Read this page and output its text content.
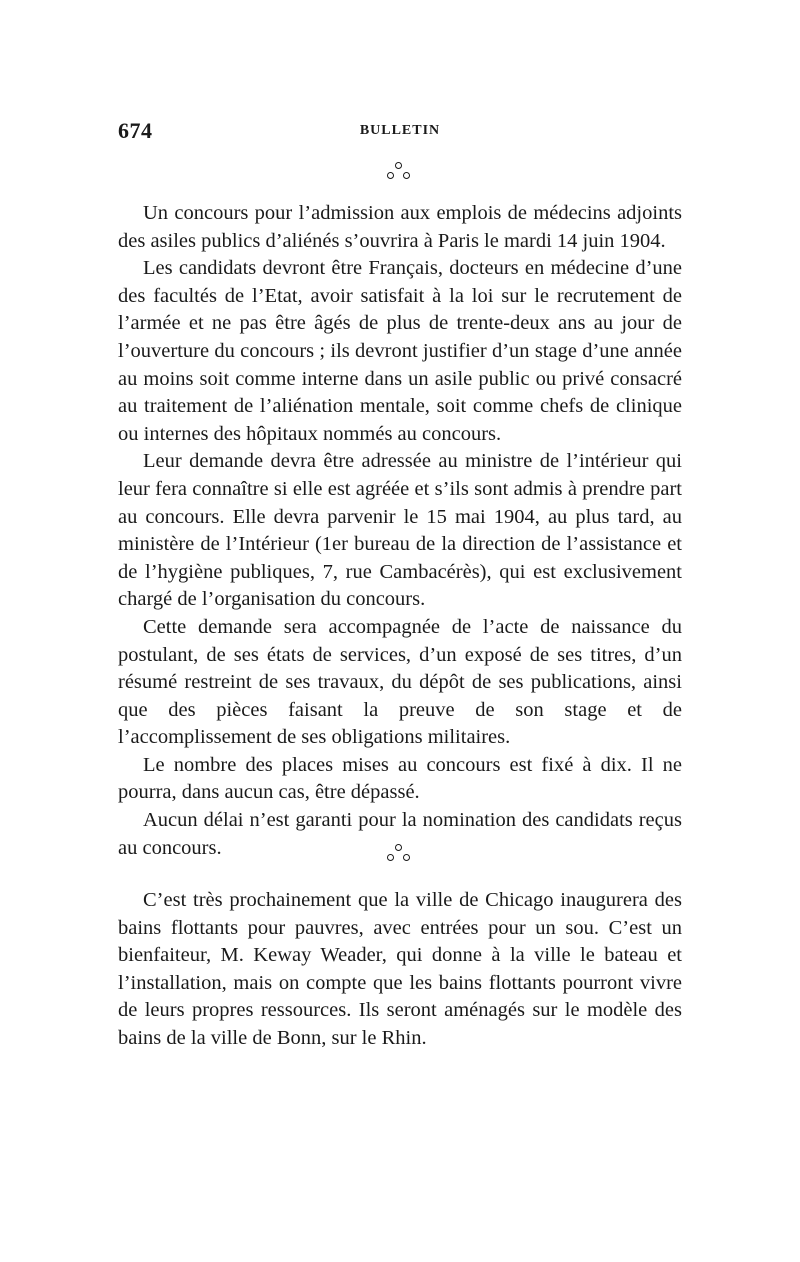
674	BULLETIN

Un concours pour l’admission aux emplois de médecins adjoints des asiles publics d’aliénés s’ouvrira à Paris le mardi 14 juin 1904.

Les candidats devront être Français, docteurs en médecine d’une des facultés de l’Etat, avoir satisfait à la loi sur le recrutement de l’armée et ne pas être âgés de plus de trente-deux ans au jour de l’ouverture du concours ; ils devront justifier d’un stage d’une année au moins soit comme interne dans un asile public ou privé consacré au traitement de l’aliénation mentale, soit comme chefs de clinique ou internes des hôpitaux nommés au concours.

Leur demande devra être adressée au ministre de l’intérieur qui leur fera connaître si elle est agréée et s’ils sont admis à prendre part au concours. Elle devra parvenir le 15 mai 1904, au plus tard, au ministère de l’Intérieur (1er bureau de la direction de l’assistance et de l’hygiène publiques, 7, rue Cambacérès), qui est exclusivement chargé de l’organisation du concours.

Cette demande sera accompagnée de l’acte de naissance du postulant, de ses états de services, d’un exposé de ses titres, d’un résumé restreint de ses travaux, du dépôt de ses publications, ainsi que des pièces faisant la preuve de son stage et de l’accomplissement de ses obligations militaires.

Le nombre des places mises au concours est fixé à dix. Il ne pourra, dans aucun cas, être dépassé.

Aucun délai n’est garanti pour la nomination des candidats reçus au concours.

C’est très prochainement que la ville de Chicago inaugurera des bains flottants pour pauvres, avec entrées pour un sou. C’est un bienfaiteur, M. Keway Weader, qui donne à la ville le bateau et l’installation, mais on compte que les bains flottants pourront vivre de leurs propres ressources. Ils seront aménagés sur le modèle des bains de la ville de Bonn, sur le Rhin.
